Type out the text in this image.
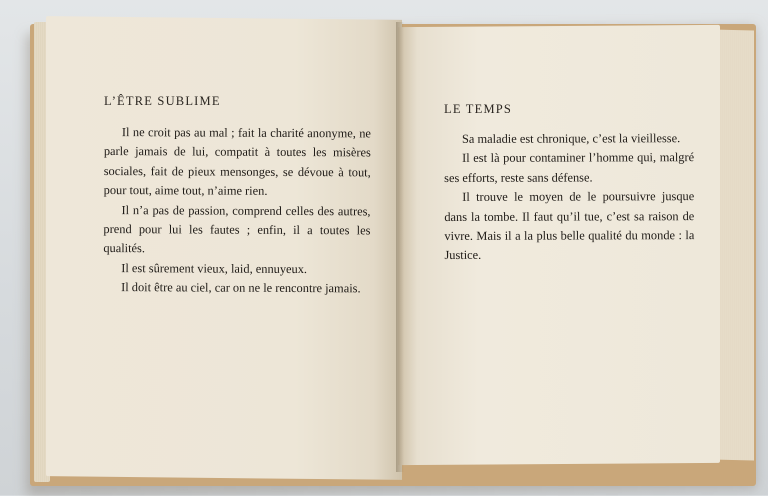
L’ÊTRE SUBLIME

Il ne croit pas au mal ; fait la charité anonyme, ne parle jamais de lui, compatit à toutes les misères sociales, fait de pieux mensonges, se dévoue à tout, pour tout, aime tout, n’aime rien.

Il n’a pas de passion, comprend celles des autres, prend pour lui les fautes ; enfin, il a toutes les qualités.

Il est sûrement vieux, laid, ennuyeux.

Il doit être au ciel, car on ne le rencontre jamais.

LE TEMPS

Sa maladie est chronique, c’est la vieillesse.

Il est là pour contaminer l’homme qui, malgré ses efforts, reste sans défense.

Il trouve le moyen de le poursuivre jusque dans la tombe. Il faut qu’il tue, c’est sa raison de vivre. Mais il a la plus belle qualité du monde : la Justice.
